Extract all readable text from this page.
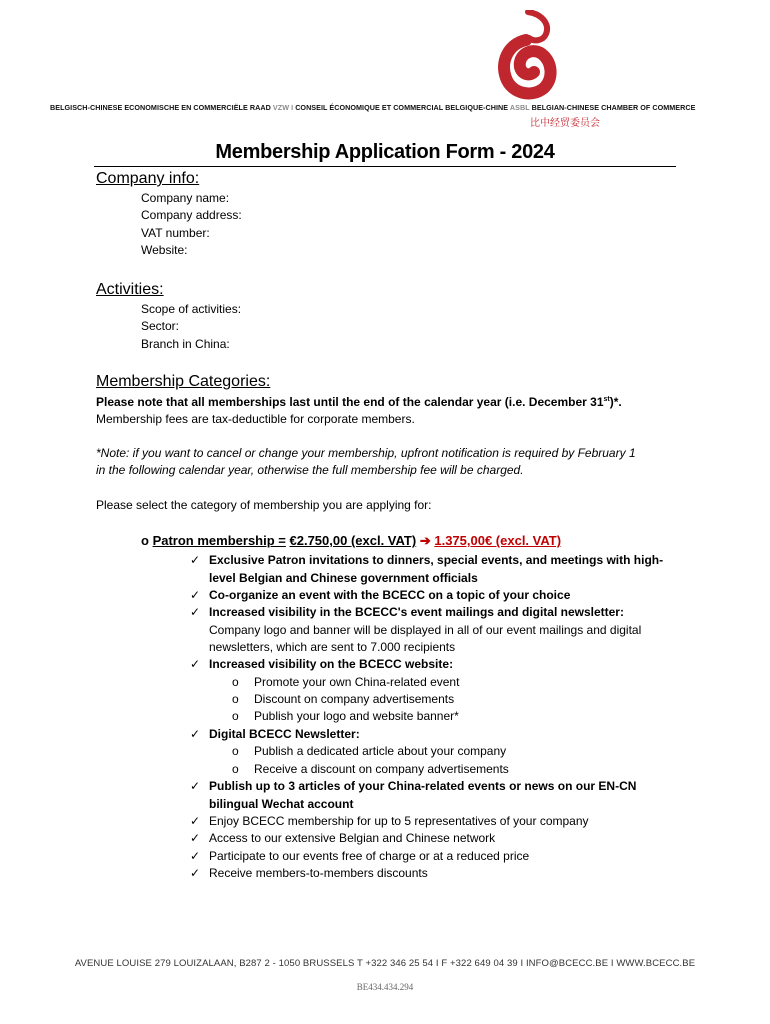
BELGISCH-CHINESE ECONOMISCHE EN COMMERCIËLE RAAD VZW I CONSEIL ÉCONOMIQUE ET COMMERCIAL BELGIQUE-CHINE ASBL BELGIAN-CHINESE CHAMBER OF COMMERCE
比中经贸委员会
Membership Application Form - 2024
Company info:
Company name:
Company address:
VAT number:
Website:
Activities:
Scope of activities:
Sector:
Branch in China:
Membership Categories:
Please note that all memberships last until the end of the calendar year (i.e. December 31st)*.
Membership fees are tax-deductible for corporate members.
*Note: if you want to cancel or change your membership, upfront notification is required by February 1
in the following calendar year, otherwise the full membership fee will be charged.
Please select the category of membership you are applying for:
o Patron membership = €2.750,00 (excl. VAT) ➔ 1.375,00€ (excl. VAT)
✓ Exclusive Patron invitations to dinners, special events, and meetings with high-
level Belgian and Chinese government officials
✓ Co-organize an event with the BCECC on a topic of your choice
✓ Increased visibility in the BCECC's event mailings and digital newsletter:
Company logo and banner will be displayed in all of our event mailings and digital
newsletters, which are sent to 7.000 recipients
✓ Increased visibility on the BCECC website:
o Promote your own China-related event
o Discount on company advertisements
o Publish your logo and website banner*
✓ Digital BCECC Newsletter:
o Publish a dedicated article about your company
o Receive a discount on company advertisements
✓ Publish up to 3 articles of your China-related events or news on our EN-CN
bilingual Wechat account
✓ Enjoy BCECC membership for up to 5 representatives of your company
✓ Access to our extensive Belgian and Chinese network
✓ Participate to our events free of charge or at a reduced price
✓ Receive members-to-members discounts
AVENUE LOUISE 279 LOUIZALAAN, B287 2 - 1050 BRUSSELS T +322 346 25 54 I F +322 649 04 39 I INFO@BCECC.BE I WWW.BCECC.BE
BE434.434.294
